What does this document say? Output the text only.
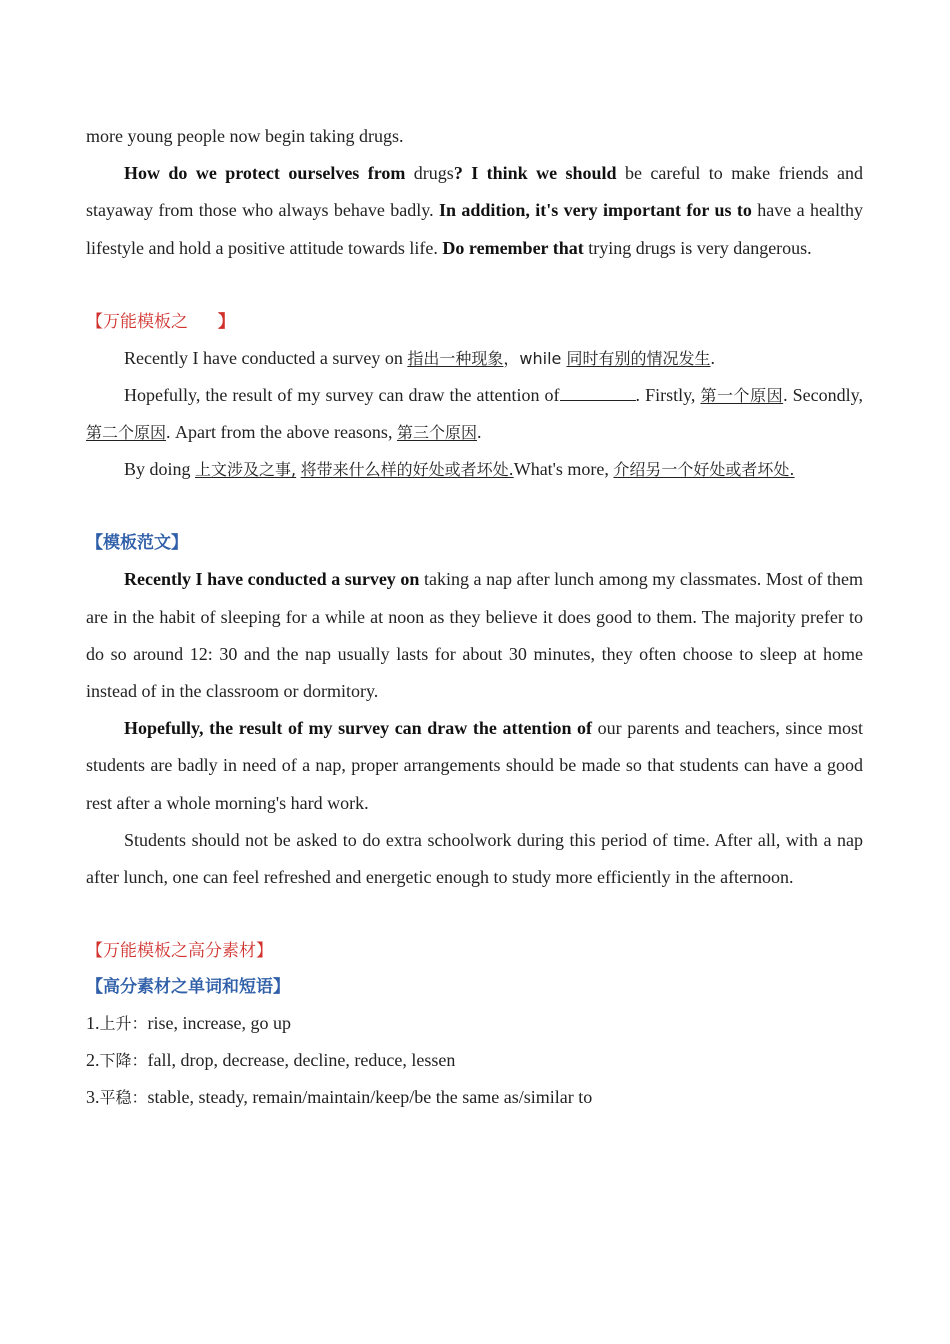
more young people now begin taking drugs.

How do we protect ourselves from drugs? I think we should be careful to make friends and stayaway from those who always behave badly. In addition, it's very important for us to have a healthy lifestyle and hold a positive attitude towards life. Do remember that trying drugs is very dangerous.

【万能模板之 】

Recently I have conducted a survey on 指出一种现象，while 同时有别的情况发生.

Hopefully, the result of my survey can draw the attention of	. Firstly, 第一个原因. Secondly, 第二个原因. Apart from the above reasons, 第三个原因.

By doing 上文涉及之事, 将带来什么样的好处或者坏处.What's more, 介绍另一个好处或者坏处.

【模板范文】

Recently I have conducted a survey on taking a nap after lunch among my classmates. Most of them are in the habit of sleeping for a while at noon as they believe it does good to them. The majority prefer to do so around 12: 30 and the nap usually lasts for about 30 minutes, they often choose to sleep at home instead of in the classroom or dormitory.

Hopefully, the result of my survey can draw the attention of our parents and teachers, since most students are badly in need of a nap, proper arrangements should be made so that students can have a good rest after a whole morning's hard work.

Students should not be asked to do extra schoolwork during this period of time. After all, with a nap after lunch, one can feel refreshed and energetic enough to study more efficiently in the afternoon.

【万能模板之高分素材】

【高分素材之单词和短语】

1.上升：rise, increase, go up

2.下降：fall, drop, decrease, decline, reduce, lessen

3.平稳：stable, steady, remain/maintain/keep/be the same as/similar to
